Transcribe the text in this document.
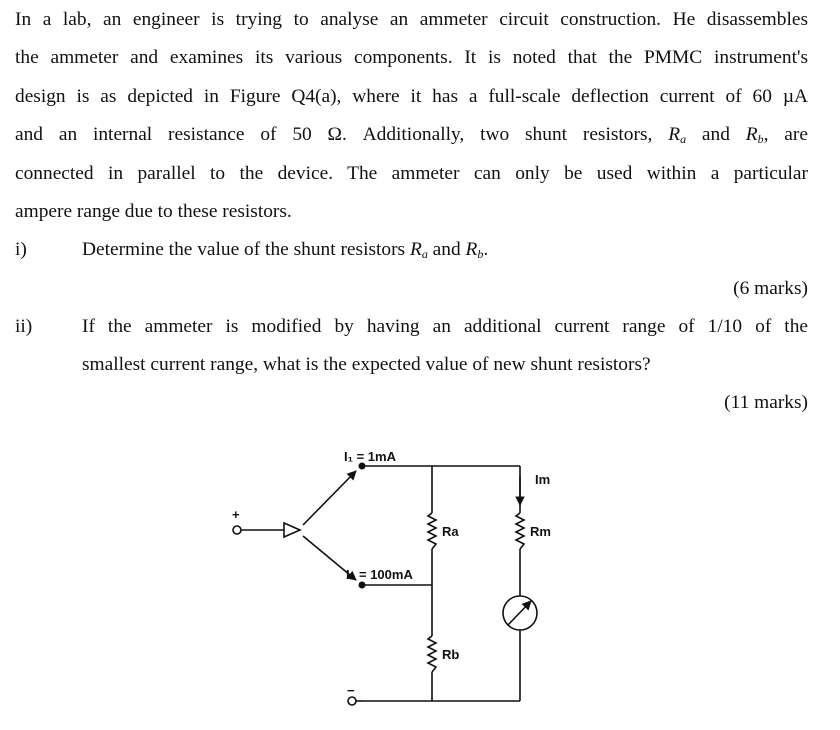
In a lab, an engineer is trying to analyse an ammeter circuit construction. He disassembles
the ammeter and examines its various components. It is noted that the PMMC instrument's
design is as depicted in Figure Q4(a), where it has a full-scale deflection current of 60 µA
and an internal resistance of 50 Ω. Additionally, two shunt resistors, $R_a$ and $R_b$, are
connected in parallel to the device. The ammeter can only be used within a particular
ampere range due to these resistors.
i)	Determine the value of the shunt resistors $R_a$ and $R_b$.
(6 marks)
ii)	If the ammeter is modified by having an additional current range of 1/10 of the
smallest current range, what is the expected value of new shunt resistors?
(11 marks)
I₁ = 1mA
I₂ = 100mA
Ra
Rb
Rm
Im
+
−
